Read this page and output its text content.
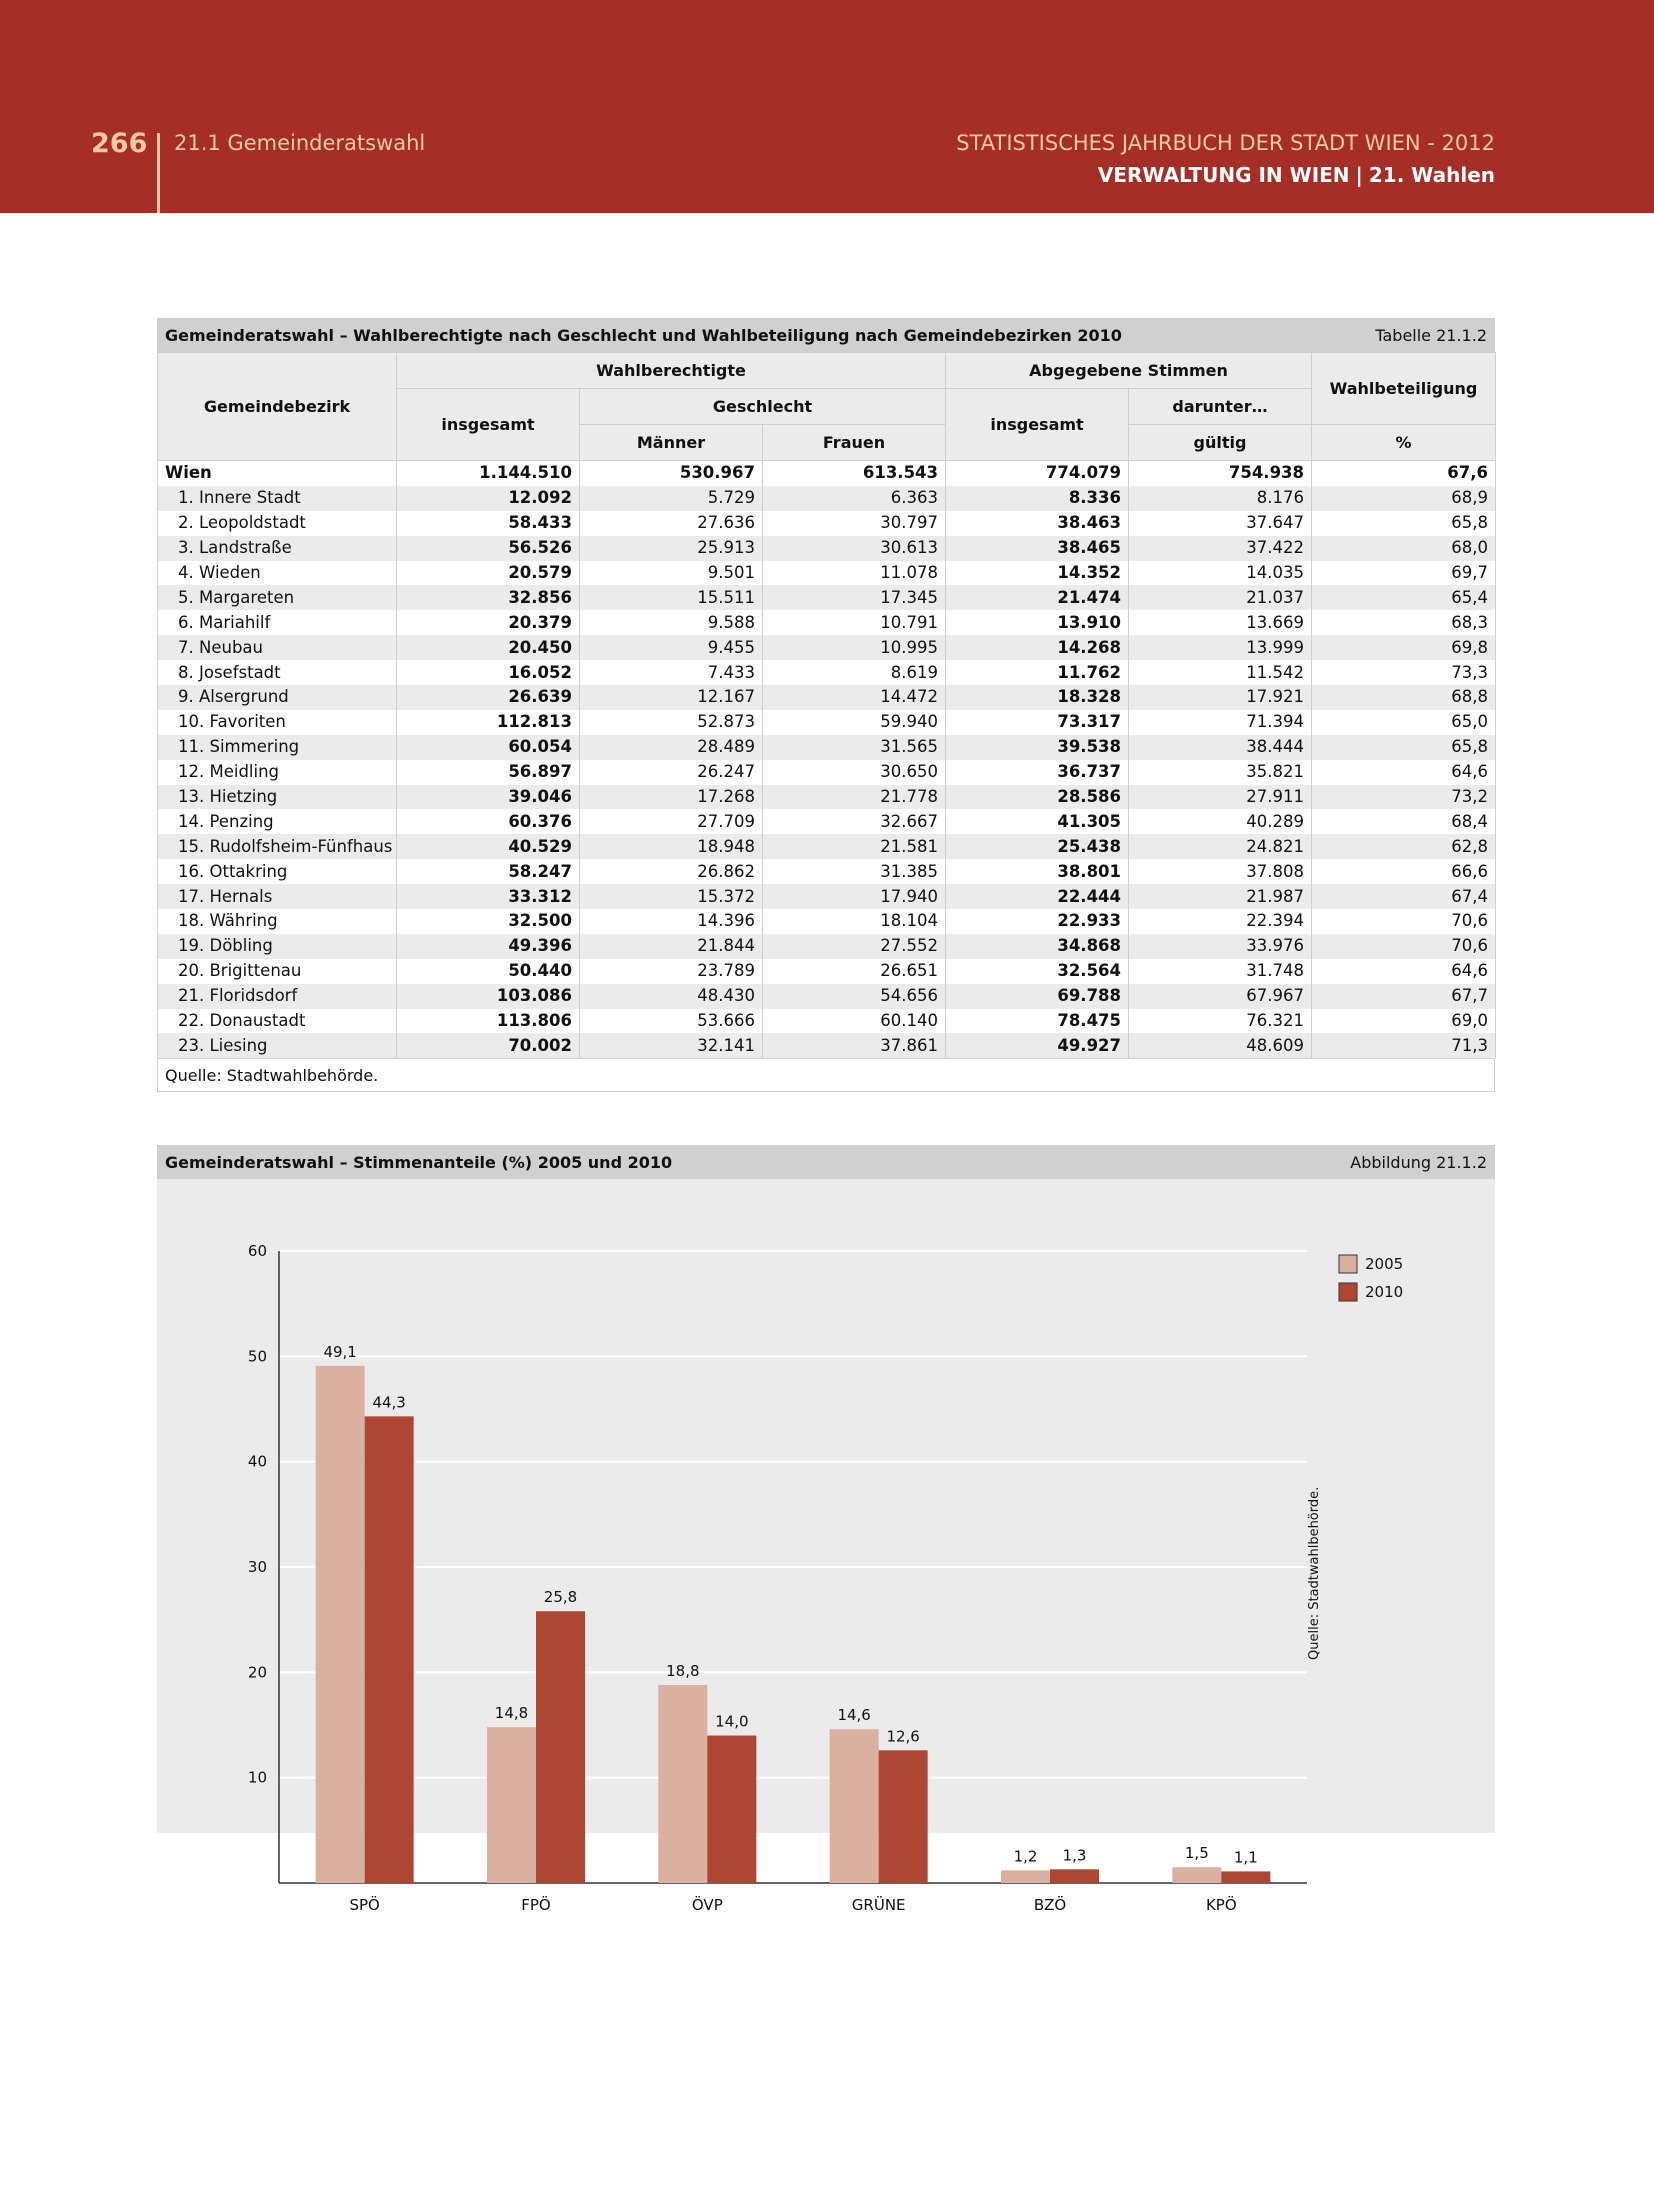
266 21.1 Gemeinderatswahl	STATISTISCHES JAHRBUCH DER STADT WIEN - 2012
VERWALTUNG IN WIEN | 21. Wahlen
Gemeinderatswahl – Wahlberechtigte nach Geschlecht und Wahlbeteiligung nach Gemeindebezirken 2010	Tabelle 21.1.2
Gemeindebezirk	Wahlberechtigte			Abgegebene Stimmen		Wahlbeteiligung
	insgesamt	Geschlecht		insgesamt	darunter…	
		Männer	Frauen		gültig	%
Wien	1.144.510	530.967	613.543	774.079	754.938	67,6
1. Innere Stadt	12.092	5.729	6.363	8.336	8.176	68,9
2. Leopoldstadt	58.433	27.636	30.797	38.463	37.647	65,8
3. Landstraße	56.526	25.913	30.613	38.465	37.422	68,0
4. Wieden	20.579	9.501	11.078	14.352	14.035	69,7
5. Margareten	32.856	15.511	17.345	21.474	21.037	65,4
6. Mariahilf	20.379	9.588	10.791	13.910	13.669	68,3
7. Neubau	20.450	9.455	10.995	14.268	13.999	69,8
8. Josefstadt	16.052	7.433	8.619	11.762	11.542	73,3
9. Alsergrund	26.639	12.167	14.472	18.328	17.921	68,8
10. Favoriten	112.813	52.873	59.940	73.317	71.394	65,0
11. Simmering	60.054	28.489	31.565	39.538	38.444	65,8
12. Meidling	56.897	26.247	30.650	36.737	35.821	64,6
13. Hietzing	39.046	17.268	21.778	28.586	27.911	73,2
14. Penzing	60.376	27.709	32.667	41.305	40.289	68,4
15. Rudolfsheim-Fünfhaus	40.529	18.948	21.581	25.438	24.821	62,8
16. Ottakring	58.247	26.862	31.385	38.801	37.808	66,6
17. Hernals	33.312	15.372	17.940	22.444	21.987	67,4
18. Währing	32.500	14.396	18.104	22.933	22.394	70,6
19. Döbling	49.396	21.844	27.552	34.868	33.976	70,6
20. Brigittenau	50.440	23.789	26.651	32.564	31.748	64,6
21. Floridsdorf	103.086	48.430	54.656	69.788	67.967	67,7
22. Donaustadt	113.806	53.666	60.140	78.475	76.321	69,0
23. Liesing	70.002	32.141	37.861	49.927	48.609	71,3
Quelle: Stadtwahlbehörde.
Gemeinderatswahl – Stimmenanteile (%) 2005 und 2010	Abbildung 21.1.2
10
20
30
40
50
60
49,1
44,3
SPÖ
14,8
25,8
FPÖ
18,8
14,0
ÖVP
14,6
12,6
GRÜNE
1,2 1,3
BZÖ
1,5 1,1
KPÖ
2005
2010
Quelle: Stadtwahlbehörde.
